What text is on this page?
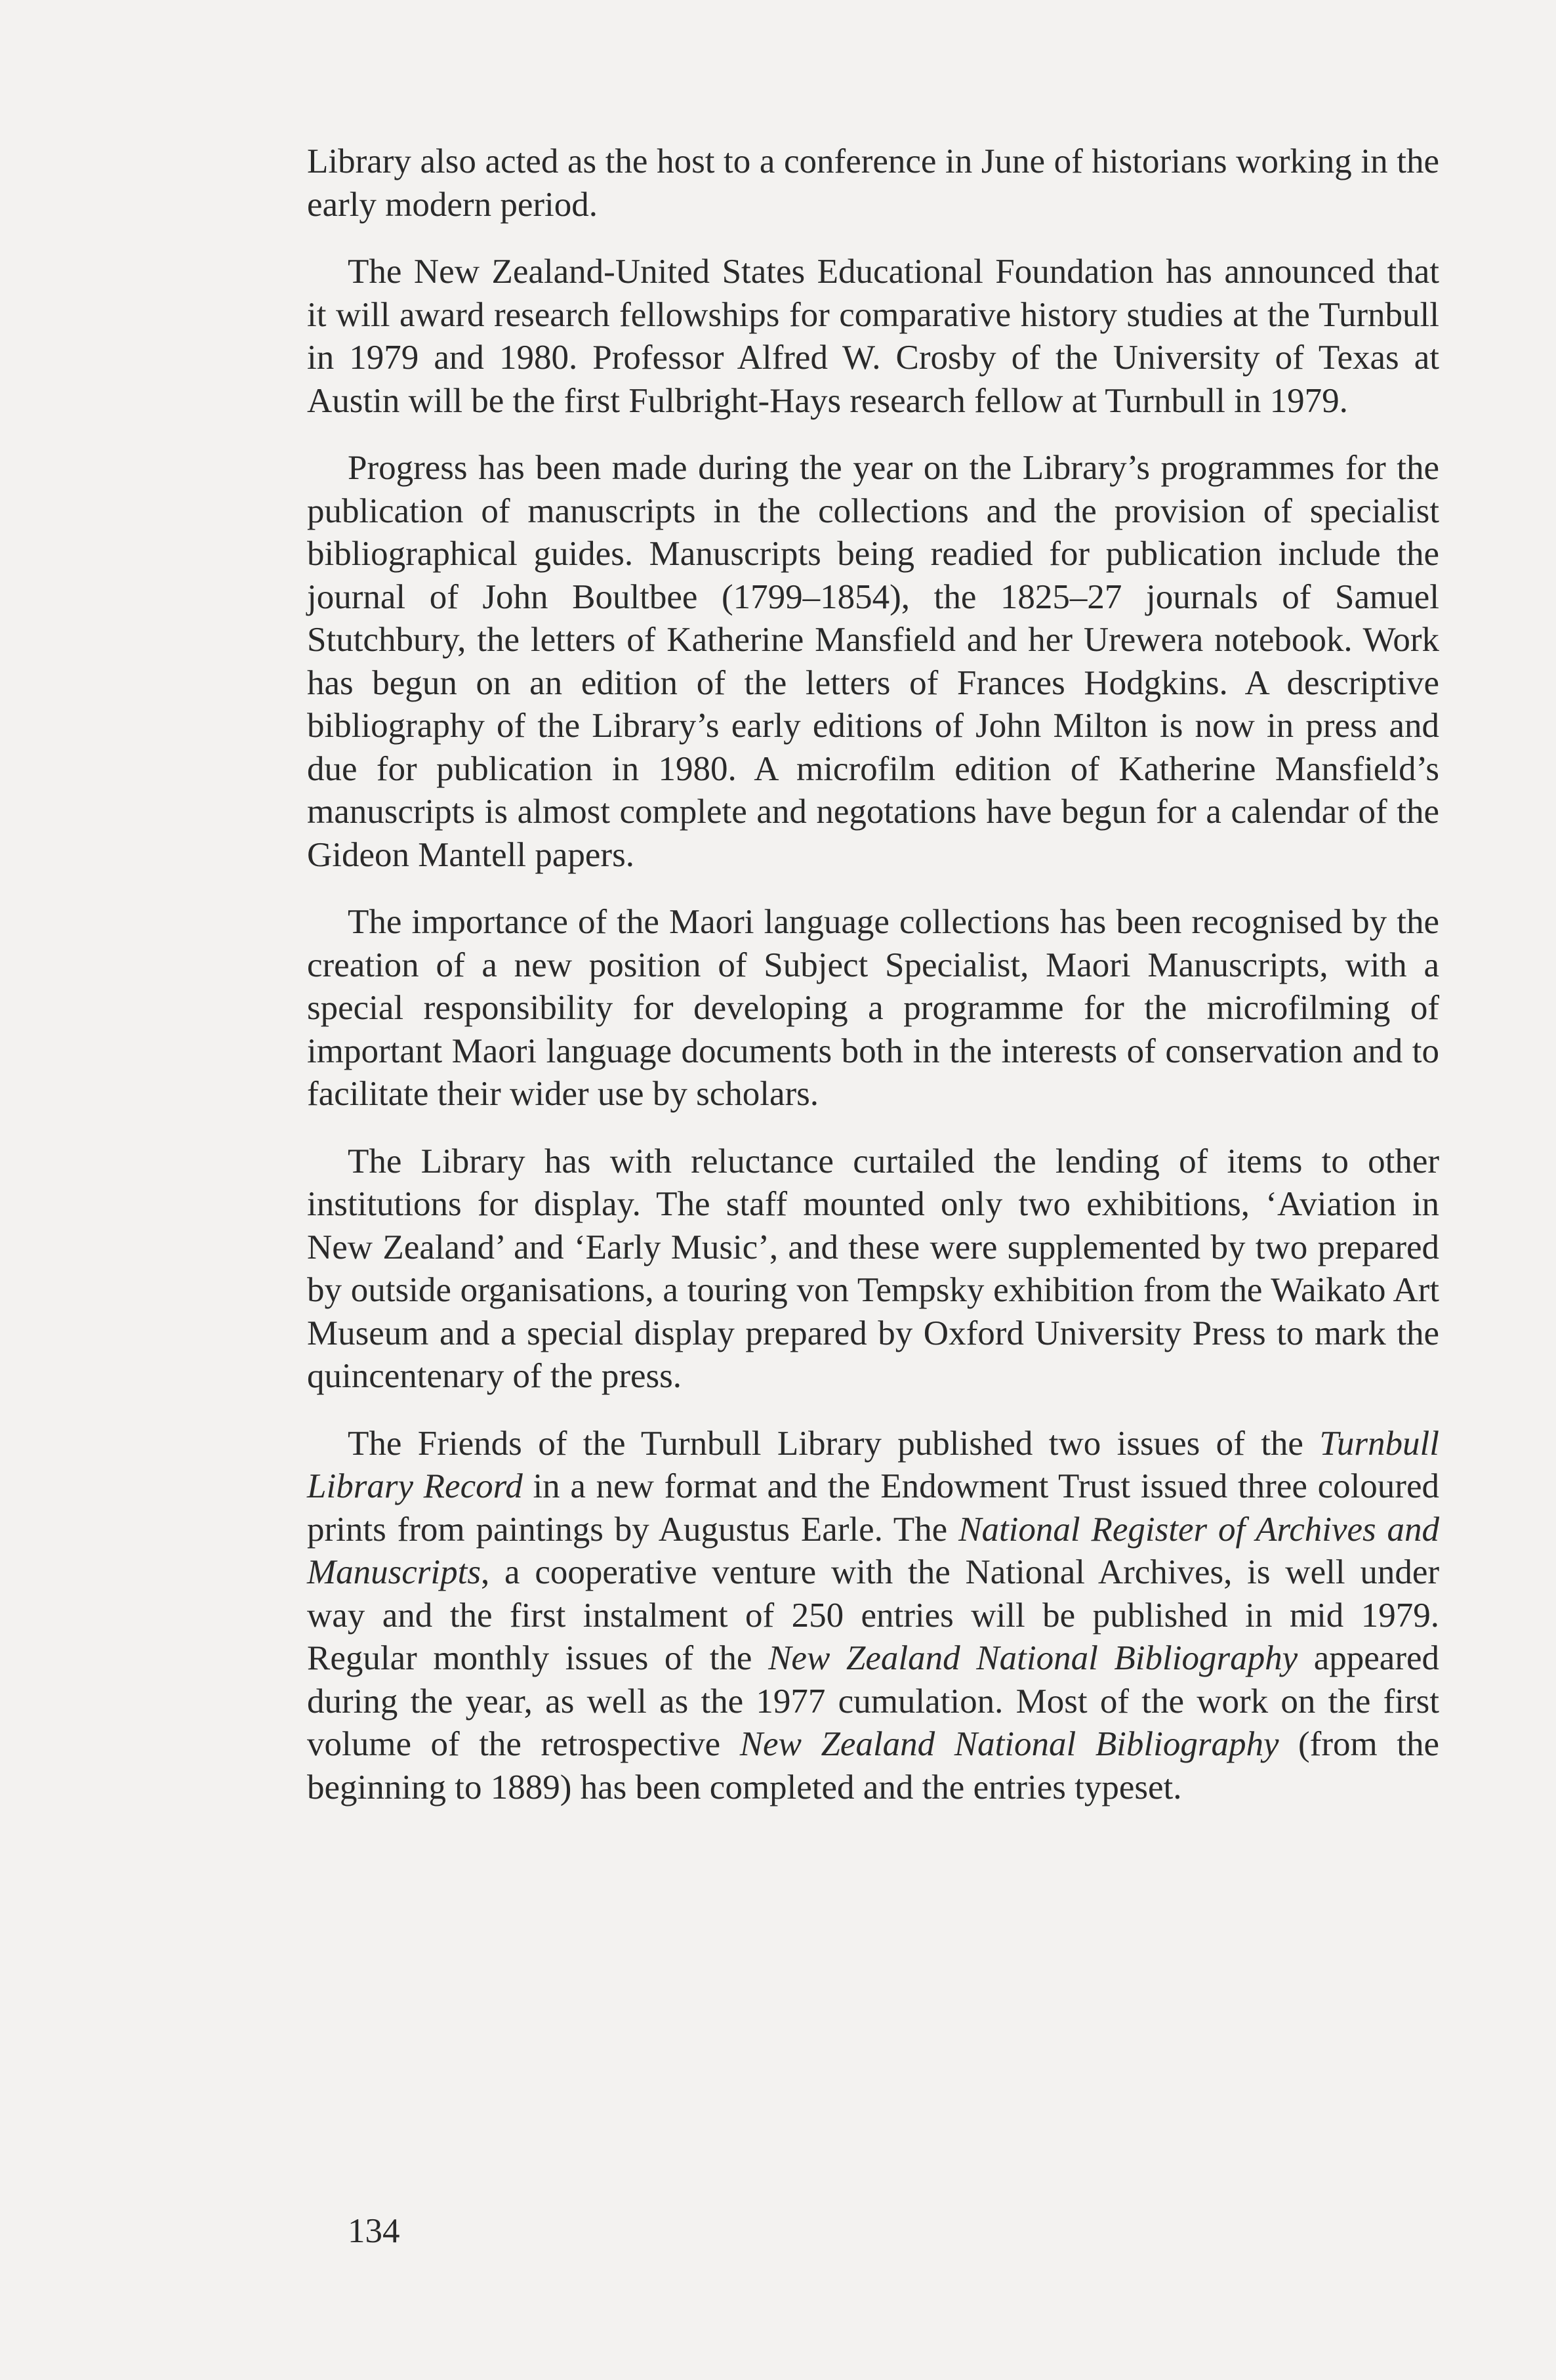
Library also acted as the host to a conference in June of historians working in the early modern period.

The New Zealand-United States Educational Foundation has announced that it will award research fellowships for comparative history studies at the Turnbull in 1979 and 1980. Professor Alfred W. Crosby of the University of Texas at Austin will be the first Fulbright-Hays research fellow at Turnbull in 1979.

Progress has been made during the year on the Library’s programmes for the publication of manuscripts in the collections and the provision of specialist bibliographical guides. Manuscripts being readied for publication include the journal of John Boultbee (1799–1854), the 1825–27 journals of Samuel Stutchbury, the letters of Katherine Mansfield and her Urewera notebook. Work has begun on an edition of the letters of Frances Hodgkins. A descriptive bibliography of the Library’s early editions of John Milton is now in press and due for publication in 1980. A microfilm edition of Katherine Mansfield’s manuscripts is almost complete and negotations have begun for a calendar of the Gideon Mantell papers.

The importance of the Maori language collections has been recognised by the creation of a new position of Subject Specialist, Maori Manuscripts, with a special responsibility for developing a programme for the microfilming of important Maori language documents both in the interests of conservation and to facilitate their wider use by scholars.

The Library has with reluctance curtailed the lending of items to other institutions for display. The staff mounted only two exhibitions, ‘Aviation in New Zealand’ and ‘Early Music’, and these were supplemented by two prepared by outside organisations, a touring von Tempsky exhibition from the Waikato Art Museum and a special display prepared by Oxford University Press to mark the quincentenary of the press.

The Friends of the Turnbull Library published two issues of the Turnbull Library Record in a new format and the Endowment Trust issued three coloured prints from paintings by Augustus Earle. The National Register of Archives and Manuscripts, a cooperative venture with the National Archives, is well under way and the first instalment of 250 entries will be published in mid 1979. Regular monthly issues of the New Zealand National Bibliography appeared during the year, as well as the 1977 cumulation. Most of the work on the first volume of the retrospective New Zealand National Bibliography (from the beginning to 1889) has been completed and the entries typeset.

134
